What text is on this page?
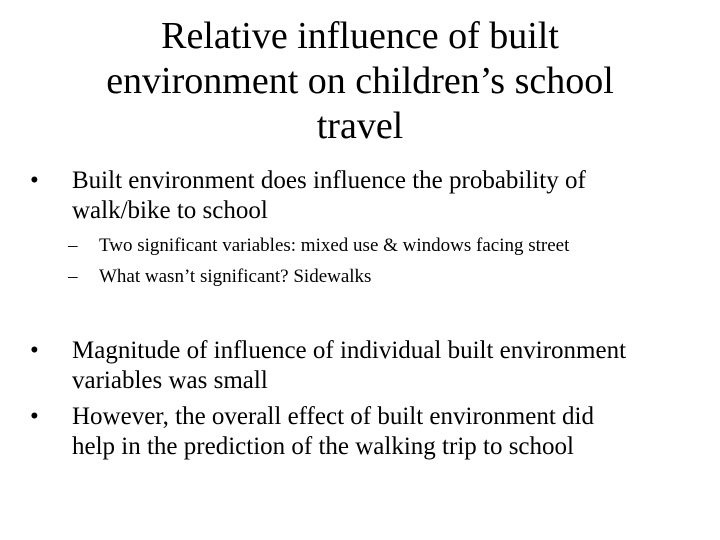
Relative influence of built
environment on children’s school
travel
• Built environment does influence the probability of
walk/bike to school
– Two significant variables: mixed use & windows facing street
– What wasn’t significant? Sidewalks
• Magnitude of influence of individual built environment
variables was small
• However, the overall effect of built environment did
help in the prediction of the walking trip to school
